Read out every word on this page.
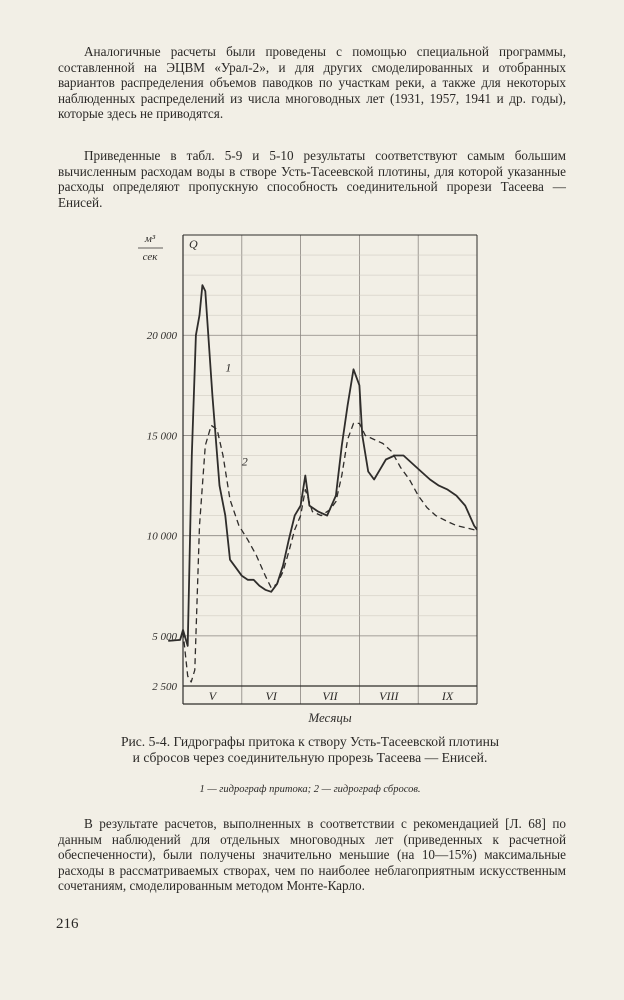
Аналогичные расчеты были проведены с помощью специальной программы, составленной на ЭЦВМ «Урал-2», и для других смоделированных и отобранных вариантов распределения объемов паводков по участкам реки, а также для некоторых наблюденных распределений из числа многоводных лет (1931, 1957, 1941 и др. годы), которые здесь не приводятся.

Приведенные в табл. 5-9 и 5-10 результаты соответствуют самым большим вычисленным расходам воды в створе Усть-Тасеевской плотины, для которой указанные расходы определяют пропускную способность соединительной прорези Тасеева — Енисей.

2 500
5 000
10 000
15 000
20 000
V	VI	VII	VIII	IX
Месяцы
м³
сек
Q
1
2
Рис. 5-4. Гидрографы притока к створу Усть-Тасеевской плотины и сбросов через соединительную прорезь Тасеева — Енисей.
1 — гидрограф притока; 2 — гидрограф сбросов.

В результате расчетов, выполненных в соответствии с рекомендацией [Л. 68] по данным наблюдений для отдельных многоводных лет (приведенных к расчетной обеспеченности), были получены значительно меньшие (на 10—15%) максимальные расходы в рассматриваемых створах, чем по наиболее неблагоприятным искусственным сочетаниям, смоделированным методом Монте-Карло.

216
